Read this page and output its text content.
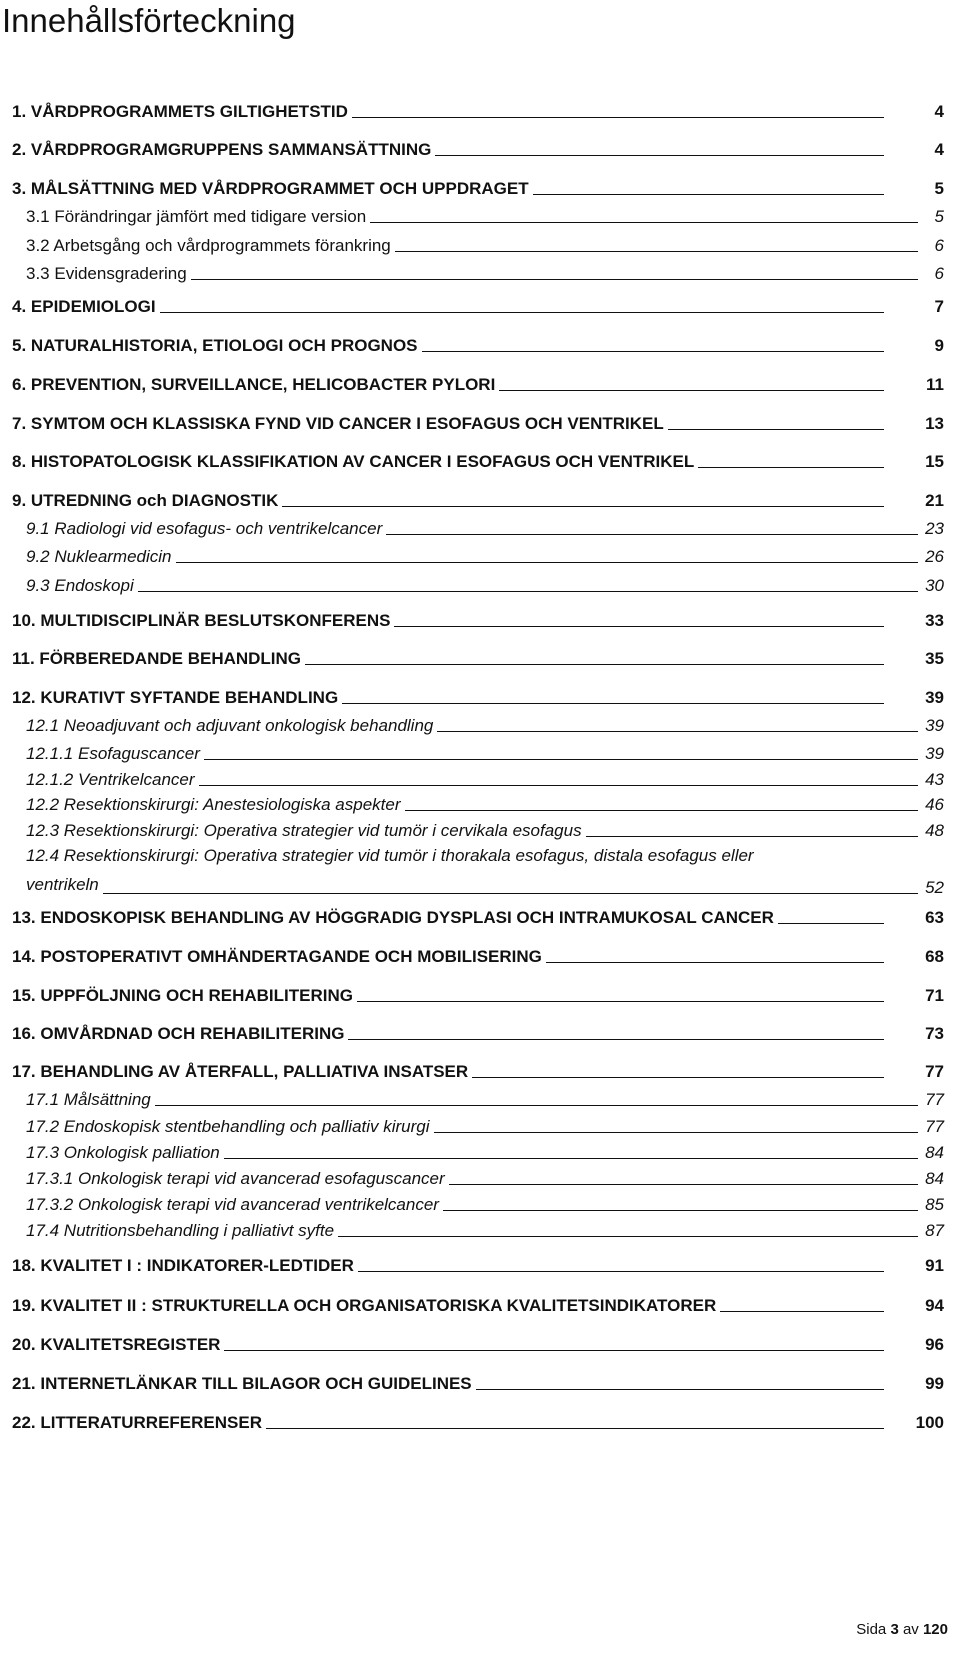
Innehållsförteckning
1. VÅRDPROGRAMMETS GILTIGHETSTID	4
2. VÅRDPROGRAMGRUPPENS SAMMANSÄTTNING	4
3. MÅLSÄTTNING MED VÅRDPROGRAMMET OCH UPPDRAGET	5
3.1 Förändringar jämfört med tidigare version	5
3.2 Arbetsgång och vårdprogrammets förankring	6
3.3 Evidensgradering	6
4. EPIDEMIOLOGI	7
5. NATURALHISTORIA, ETIOLOGI OCH PROGNOS	9
6. PREVENTION, SURVEILLANCE, HELICOBACTER PYLORI	11
7. SYMTOM OCH KLASSISKA FYND VID CANCER I ESOFAGUS OCH VENTRIKEL	13
8. HISTOPATOLOGISK KLASSIFIKATION AV CANCER I ESOFAGUS OCH VENTRIKEL	15
9. UTREDNING och DIAGNOSTIK	21
9.1 Radiologi vid esofagus- och ventrikelcancer	23
9.2 Nuklearmedicin	26
9.3 Endoskopi	30
10. MULTIDISCIPLINÄR BESLUTSKONFERENS	33
11. FÖRBEREDANDE BEHANDLING	35
12. KURATIVT SYFTANDE BEHANDLING	39
12.1 Neoadjuvant och adjuvant onkologisk behandling	39
12.1.1 Esofaguscancer	39
12.1.2 Ventrikelcancer	43
12.2 Resektionskirurgi: Anestesiologiska aspekter	46
12.3 Resektionskirurgi: Operativa strategier vid tumör i cervikala esofagus	48
12.4 Resektionskirurgi: Operativa strategier vid tumör i thorakala esofagus, distala esofagus eller
ventrikeln	52
13. ENDOSKOPISK BEHANDLING AV HÖGGRADIG DYSPLASI OCH INTRAMUKOSAL CANCER	63
14. POSTOPERATIVT OMHÄNDERTAGANDE OCH MOBILISERING	68
15. UPPFÖLJNING OCH REHABILITERING	71
16. OMVÅRDNAD OCH REHABILITERING	73
17. BEHANDLING AV ÅTERFALL, PALLIATIVA INSATSER	77
17.1 Målsättning	77
17.2 Endoskopisk stentbehandling och palliativ kirurgi	77
17.3 Onkologisk palliation	84
17.3.1 Onkologisk terapi vid avancerad esofaguscancer	84
17.3.2 Onkologisk terapi vid avancerad ventrikelcancer	85
17.4 Nutritionsbehandling i palliativt syfte	87
18. KVALITET I : INDIKATORER-LEDTIDER	91
19. KVALITET II : STRUKTURELLA OCH ORGANISATORISKA KVALITETSINDIKATORER	94
20. KVALITETSREGISTER	96
21. INTERNETLÄNKAR TILL BILAGOR OCH GUIDELINES	99
22. LITTERATURREFERENSER	100
Sida 3 av 120
